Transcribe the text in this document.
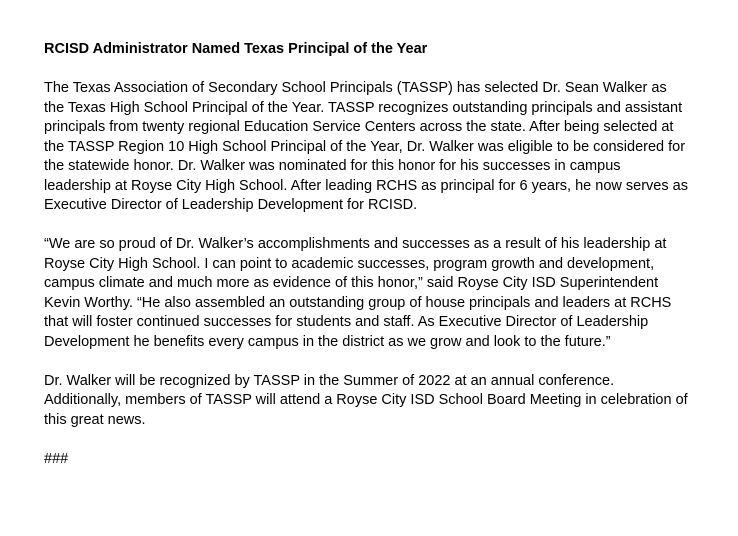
RCISD Administrator Named Texas Principal of the Year

The Texas Association of Secondary School Principals (TASSP) has selected Dr. Sean Walker as the Texas High School Principal of the Year. TASSP recognizes outstanding principals and assistant principals from twenty regional Education Service Centers across the state. After being selected at the TASSP Region 10 High School Principal of the Year, Dr. Walker was eligible to be considered for the statewide honor. Dr. Walker was nominated for this honor for his successes in campus leadership at Royse City High School. After leading RCHS as principal for 6 years, he now serves as Executive Director of Leadership Development for RCISD.

“We are so proud of Dr. Walker’s accomplishments and successes as a result of his leadership at Royse City High School. I can point to academic successes, program growth and development, campus climate and much more as evidence of this honor,” said Royse City ISD Superintendent Kevin Worthy. “He also assembled an outstanding group of house principals and leaders at RCHS that will foster continued successes for students and staff. As Executive Director of Leadership Development he benefits every campus in the district as we grow and look to the future.”

Dr. Walker will be recognized by TASSP in the Summer of 2022 at an annual conference. Additionally, members of TASSP will attend a Royse City ISD School Board Meeting in celebration of this great news.

###
